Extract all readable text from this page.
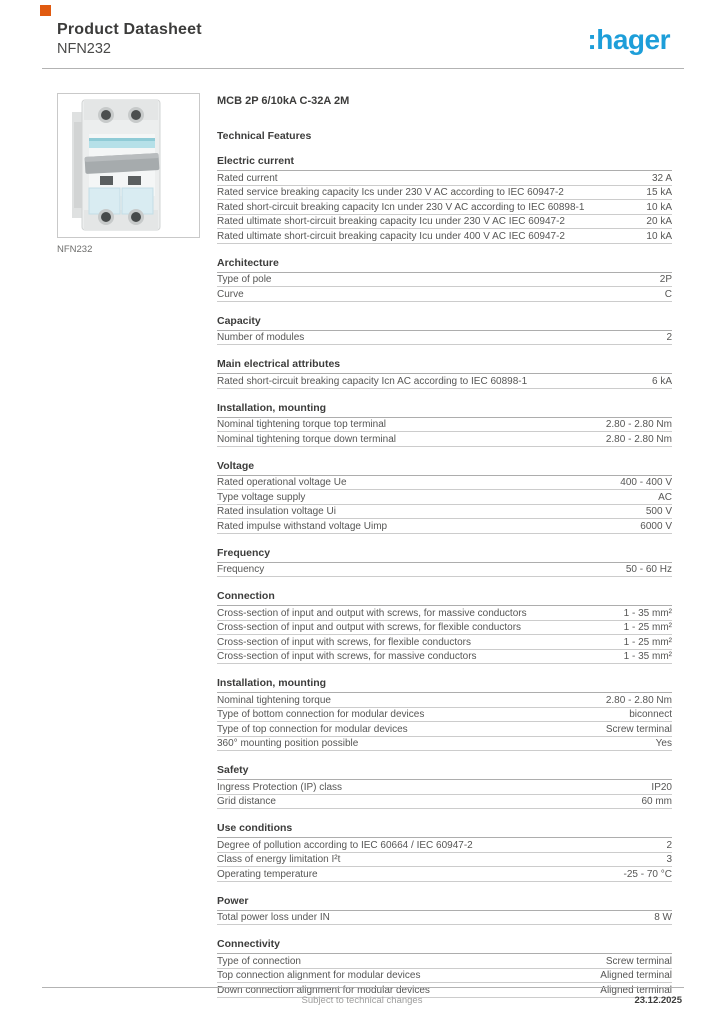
Product Datasheet
NFN232	:hager
NFN232
MCB 2P 6/10kA C-32A 2M
Technical Features
Electric current
Rated current	32 A
Rated service breaking capacity Ics under 230 V AC according to IEC 60947-2	15 kA
Rated short-circuit breaking capacity Icn under 230 V AC according to IEC 60898-1	10 kA
Rated ultimate short-circuit breaking capacity Icu under 230 V AC IEC 60947-2	20 kA
Rated ultimate short-circuit breaking capacity Icu under 400 V AC IEC 60947-2	10 kA
Architecture
Type of pole	2P
Curve	C
Capacity
Number of modules	2
Main electrical attributes
Rated short-circuit breaking capacity Icn AC according to IEC 60898-1	6 kA
Installation, mounting
Nominal tightening torque top terminal	2.80 - 2.80 Nm
Nominal tightening torque down terminal	2.80 - 2.80 Nm
Voltage
Rated operational voltage Ue	400 - 400 V
Type voltage supply	AC
Rated insulation voltage Ui	500 V
Rated impulse withstand voltage Uimp	6000 V
Frequency
Frequency	50 - 60 Hz
Connection
Cross-section of input and output with screws, for massive conductors	1 - 35 mm²
Cross-section of input and output with screws, for flexible conductors	1 - 25 mm²
Cross-section of input with screws, for flexible conductors	1 - 25 mm²
Cross-section of input with screws, for massive conductors	1 - 35 mm²
Installation, mounting
Nominal tightening torque	2.80 - 2.80 Nm
Type of bottom connection for modular devices	biconnect
Type of top connection for modular devices	Screw terminal
360° mounting position possible	Yes
Safety
Ingress Protection (IP) class	IP20
Grid distance	60 mm
Use conditions
Degree of pollution according to IEC 60664 / IEC 60947-2	2
Class of energy limitation I²t	3
Operating temperature	-25 - 70 °C
Power
Total power loss under IN	8 W
Connectivity
Type of connection	Screw terminal
Top connection alignment for modular devices	Aligned terminal
Down connection alignment for modular devices	Aligned terminal
Subject to technical changes	23.12.2025
